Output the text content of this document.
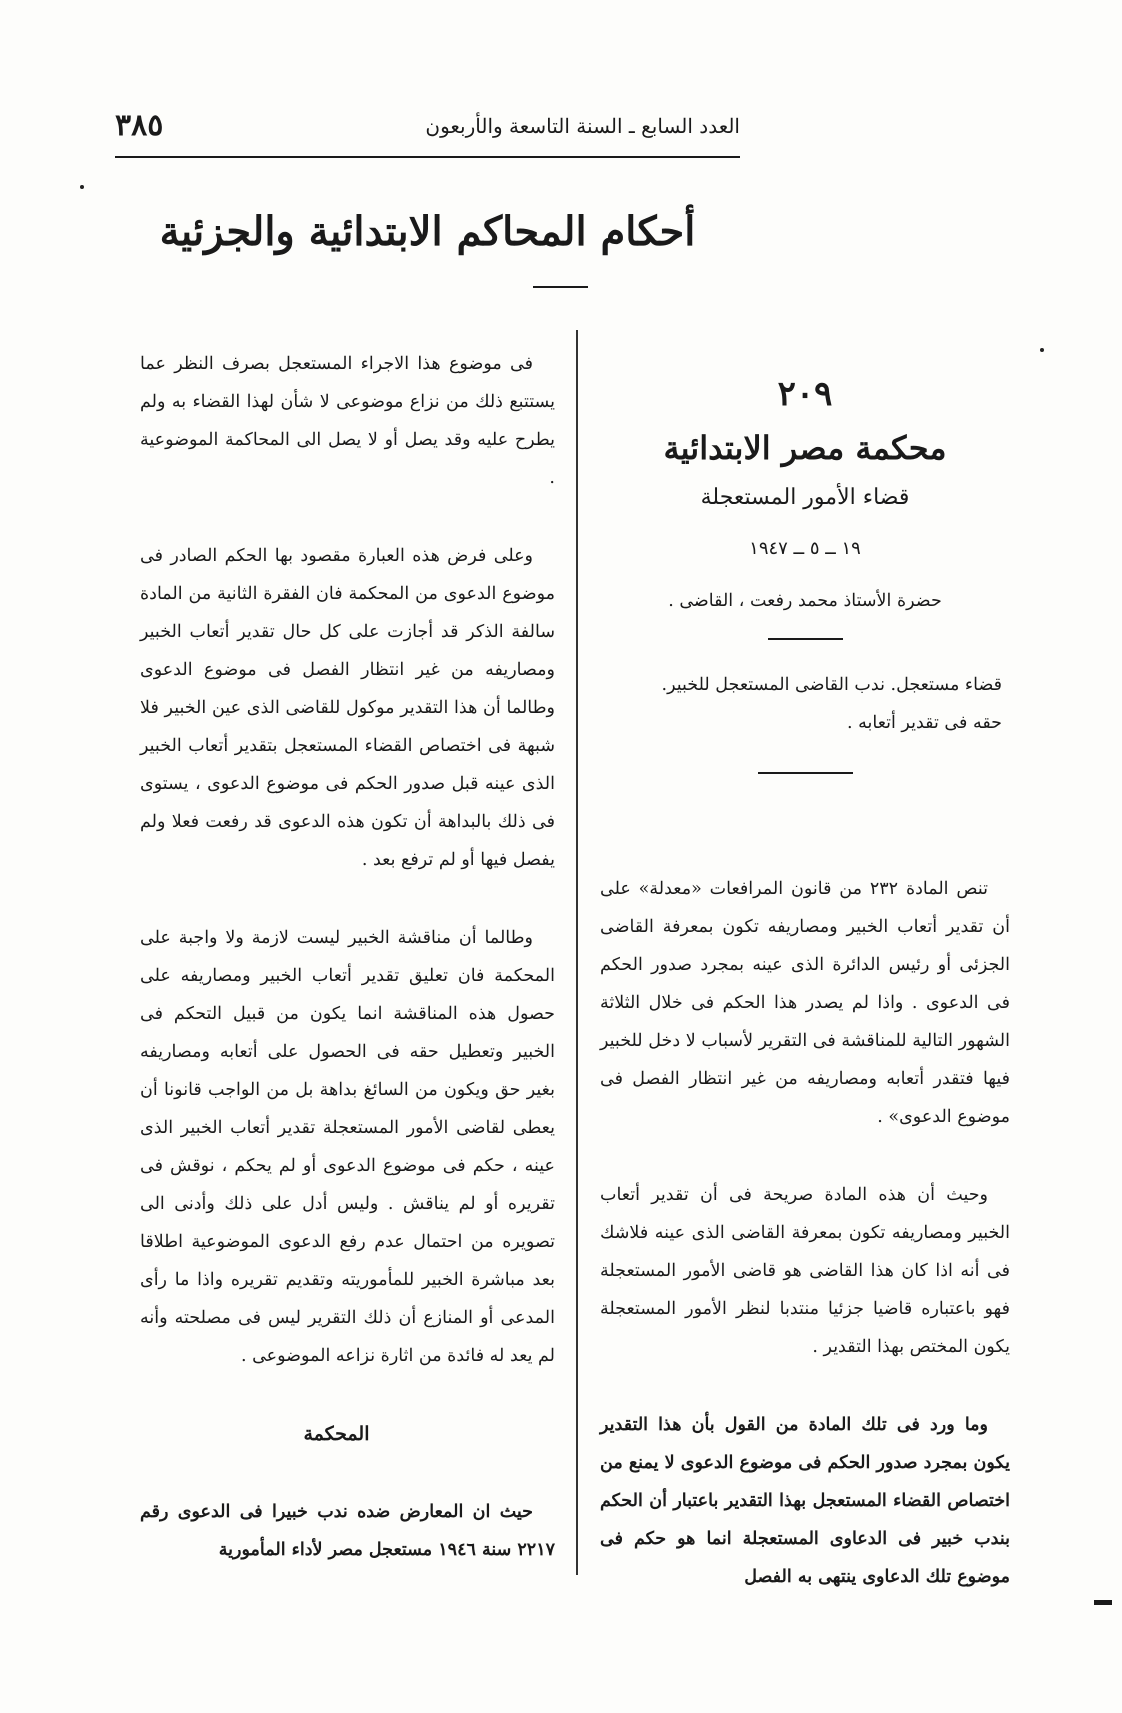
العدد السابع ـ السنة التاسعة والأربعون
٣٨٥
أحكام المحاكم الابتدائية والجزئية
٢٠٩
محكمة مصر الابتدائية
قضاء الأمور المستعجلة
١٩ ــ ٥ ــ ١٩٤٧
حضرة الأستاذ محمد رفعت ، القاضى .
قضاء مستعجل. ندب القاضى المستعجل للخبير.
حقه فى تقدير أتعابه .

تنص المادة ٢٣٢ من قانون المرافعات «معدلة» على أن تقدير أتعاب الخبير ومصاريفه تكون بمعرفة القاضى الجزئى أو رئيس الدائرة الذى عينه بمجرد صدور الحكم فى الدعوى . واذا لم يصدر هذا الحكم فى خلال الثلاثة الشهور التالية للمناقشة فى التقرير لأسباب لا دخل للخبير فيها فتقدر أتعابه ومصاريفه من غير انتظار الفصل فى موضوع الدعوى» .

وحيث أن هذه المادة صريحة فى أن تقدير أتعاب الخبير ومصاريفه تكون بمعرفة القاضى الذى عينه فلاشك فى أنه اذا كان هذا القاضى هو قاضى الأمور المستعجلة فهو باعتباره قاضيا جزئيا منتدبا لنظر الأمور المستعجلة يكون المختص بهذا التقدير .

وما ورد فى تلك المادة من القول بأن هذا التقدير يكون بمجرد صدور الحكم فى موضوع الدعوى لا يمنع من اختصاص القضاء المستعجل بهذا التقدير باعتبار أن الحكم بندب خبير فى الدعاوى المستعجلة انما هو حكم فى موضوع تلك الدعاوى ينتهى به الفصل

فى موضوع هذا الاجراء المستعجل بصرف النظر عما يستتبع ذلك من نزاع موضوعى لا شأن لهذا القضاء به ولم يطرح عليه وقد يصل أو لا يصل الى المحاكمة الموضوعية .

وعلى فرض هذه العبارة مقصود بها الحكم الصادر فى موضوع الدعوى من المحكمة فان الفقرة الثانية من المادة سالفة الذكر قد أجازت على كل حال تقدير أتعاب الخبير ومصاريفه من غير انتظار الفصل فى موضوع الدعوى وطالما أن هذا التقدير موكول للقاضى الذى عين الخبير فلا شبهة فى اختصاص القضاء المستعجل بتقدير أتعاب الخبير الذى عينه قبل صدور الحكم فى موضوع الدعوى ، يستوى فى ذلك بالبداهة أن تكون هذه الدعوى قد رفعت فعلا ولم يفصل فيها أو لم ترفع بعد .

وطالما أن مناقشة الخبير ليست لازمة ولا واجبة على المحكمة فان تعليق تقدير أتعاب الخبير ومصاريفه على حصول هذه المناقشة انما يكون من قبيل التحكم فى الخبير وتعطيل حقه فى الحصول على أتعابه ومصاريفه بغير حق ويكون من السائغ بداهة بل من الواجب قانونا أن يعطى لقاضى الأمور المستعجلة تقدير أتعاب الخبير الذى عينه ، حكم فى موضوع الدعوى أو لم يحكم ، نوقش فى تقريره أو لم يناقش . وليس أدل على ذلك وأدنى الى تصويره من احتمال عدم رفع الدعوى الموضوعية اطلاقا بعد مباشرة الخبير للمأموريته وتقديم تقريره واذا ما رأى المدعى أو المنازع أن ذلك التقرير ليس فى مصلحته وأنه لم يعد له فائدة من اثارة نزاعه الموضوعى .

المحكمة

حيث ان المعارض ضده ندب خبيرا فى الدعوى رقم ٢٢١٧ سنة ١٩٤٦ مستعجل مصر لأداء المأمورية
